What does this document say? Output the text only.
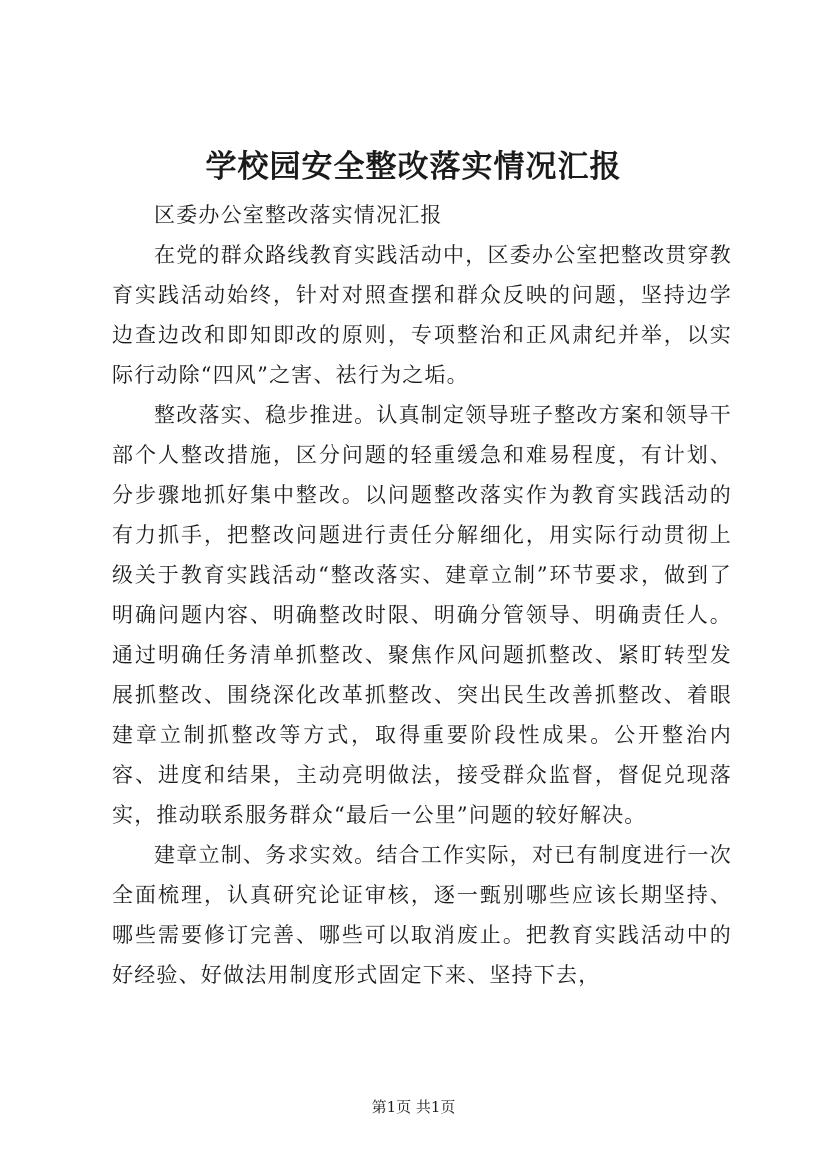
学校园安全整改落实情况汇报

区委办公室整改落实情况汇报

在党的群众路线教育实践活动中，区委办公室把整改贯穿教育实践活动始终，针对对照查摆和群众反映的问题，坚持边学边查边改和即知即改的原则，专项整治和正风肃纪并举，以实际行动除“四风”之害、祛行为之垢。

整改落实、稳步推进。认真制定领导班子整改方案和领导干部个人整改措施，区分问题的轻重缓急和难易程度，有计划、分步骤地抓好集中整改。以问题整改落实作为教育实践活动的有力抓手，把整改问题进行责任分解细化，用实际行动贯彻上级关于教育实践活动“整改落实、建章立制”环节要求，做到了明确问题内容、明确整改时限、明确分管领导、明确责任人。通过明确任务清单抓整改、聚焦作风问题抓整改、紧盯转型发展抓整改、围绕深化改革抓整改、突出民生改善抓整改、着眼建章立制抓整改等方式，取得重要阶段性成果。公开整治内容、进度和结果，主动亮明做法，接受群众监督，督促兑现落实，推动联系服务群众“最后一公里”问题的较好解决。

建章立制、务求实效。结合工作实际，对已有制度进行一次全面梳理，认真研究论证审核，逐一甄别哪些应该长期坚持、哪些需要修订完善、哪些可以取消废止。把教育实践活动中的好经验、好做法用制度形式固定下来、坚持下去，

第1页 共1页
